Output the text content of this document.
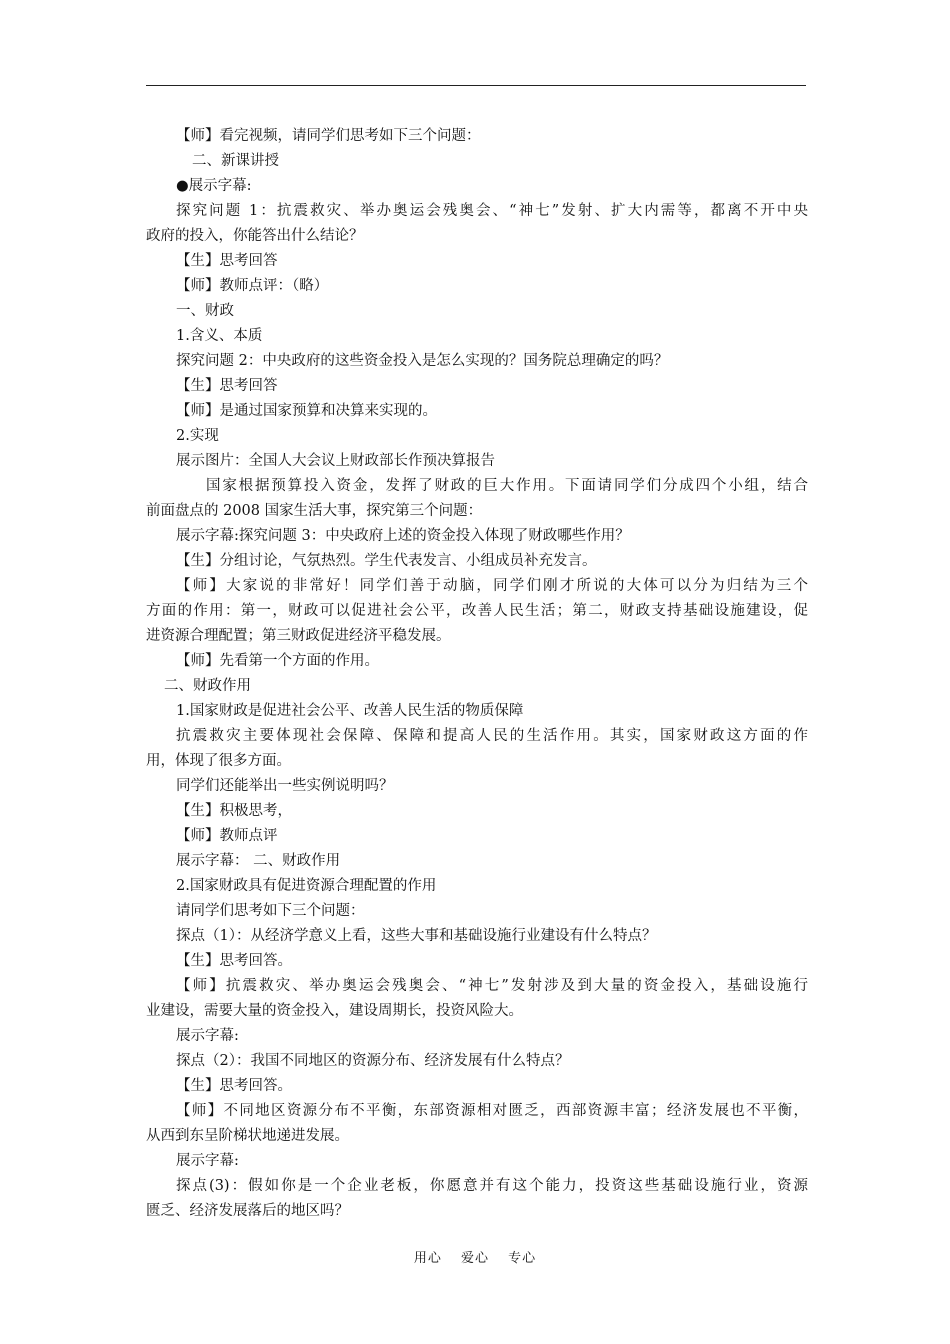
【师】看完视频，请同学们思考如下三个问题：
二、新课讲授
●展示字幕:
探究问题 1：抗震救灾、举办奥运会残奥会、“神七”发射、扩大内需等，都离不开中央
政府的投入，你能答出什么结论？
【生】思考回答
【师】教师点评：（略）
一、财政
1.含义、本质
探究问题 2：中央政府的这些资金投入是怎么实现的？国务院总理确定的吗？
【生】思考回答
【师】是通过国家预算和决算来实现的。
2.实现
展示图片：全国人大会议上财政部长作预决算报告
国家根据预算投入资金，发挥了财政的巨大作用。下面请同学们分成四个小组，结合
前面盘点的 2008 国家生活大事，探究第三个问题：
展示字幕:探究问题 3：中央政府上述的资金投入体现了财政哪些作用？
【生】分组讨论，气氛热烈。学生代表发言、小组成员补充发言。
【师】大家说的非常好！同学们善于动脑，同学们刚才所说的大体可以分为归结为三个
方面的作用：第一，财政可以促进社会公平，改善人民生活；第二，财政支持基础设施建设，促
进资源合理配置；第三财政促进经济平稳发展。
【师】先看第一个方面的作用。
二、财政作用
1.国家财政是促进社会公平、改善人民生活的物质保障
抗震救灾主要体现社会保障、保障和提高人民的生活作用。其实，国家财政这方面的作
用，体现了很多方面。
同学们还能举出一些实例说明吗？
【生】积极思考，
【师】教师点评
展示字幕： 二、财政作用
2.国家财政具有促进资源合理配置的作用
请同学们思考如下三个问题：
探点（1）：从经济学意义上看，这些大事和基础设施行业建设有什么特点？
【生】思考回答。
【师】抗震救灾、举办奥运会残奥会、“神七”发射涉及到大量的资金投入，基础设施行
业建设，需要大量的资金投入，建设周期长，投资风险大。
展示字幕:
探点（2）：我国不同地区的资源分布、经济发展有什么特点？
【生】思考回答。
【师】不同地区资源分布不平衡，东部资源相对匮乏，西部资源丰富；经济发展也不平衡，
从西到东呈阶梯状地递进发展。
展示字幕:
探点(3)：假如你是一个企业老板，你愿意并有这个能力，投资这些基础设施行业，资源
匮乏、经济发展落后的地区吗？
用心 爱心 专心
